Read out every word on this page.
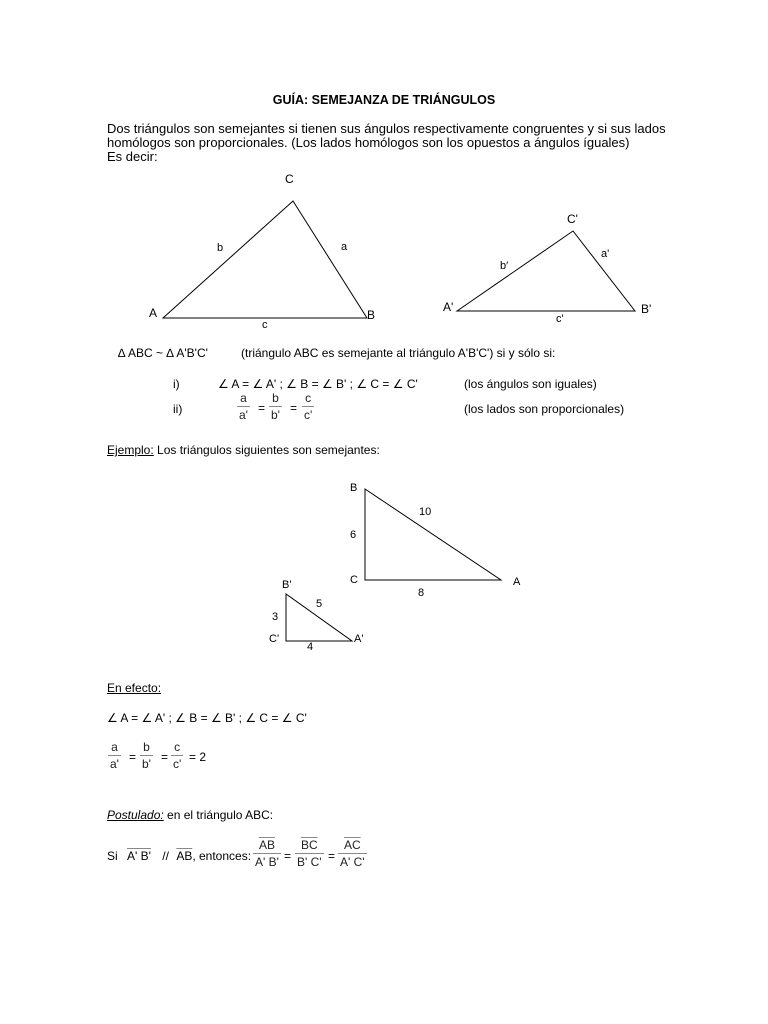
GUÍA: SEMEJANZA DE TRIÁNGULOS
Dos triángulos son semejantes si tienen sus ángulos respectivamente congruentes y si sus lados
homólogos son proporcionales. (Los lados homólogos son los opuestos a ángulos íguales)
Es decir:
C
A	B
b	a
c
C'
A'	B'
b′
a'
c'
∆ ABC ~ ∆ A'B'C'	(triángulo ABC es semejante al triángulo A'B'C') si y sólo si:
i)	∠ A = ∠ A' ; ∠ B = ∠ B' ; ∠ C = ∠ C'	(los ángulos son iguales)
ii)	$\frac{a}{a'} = \frac{b}{b'} = \frac{c}{c'}$	(los lados son proporcionales)
Ejemplo: Los triángulos siguientes son semejantes:
B
C	A
10
6
8
B'
C'	A'
5
3
4
En efecto:
∠ A = ∠ A' ; ∠ B = ∠ B' ; ∠ C = ∠ C'
$\frac{a}{a'} = \frac{b}{b'} = \frac{c}{c'} = 2$
Postulado: en el triángulo ABC:
Si A' B' // $\overline{AB}$, entonces: $\frac{\overline{AB}}{A' B'} = \frac{\overline{BC}}{B' C'} = \frac{\overline{AC}}{A' C'}$
